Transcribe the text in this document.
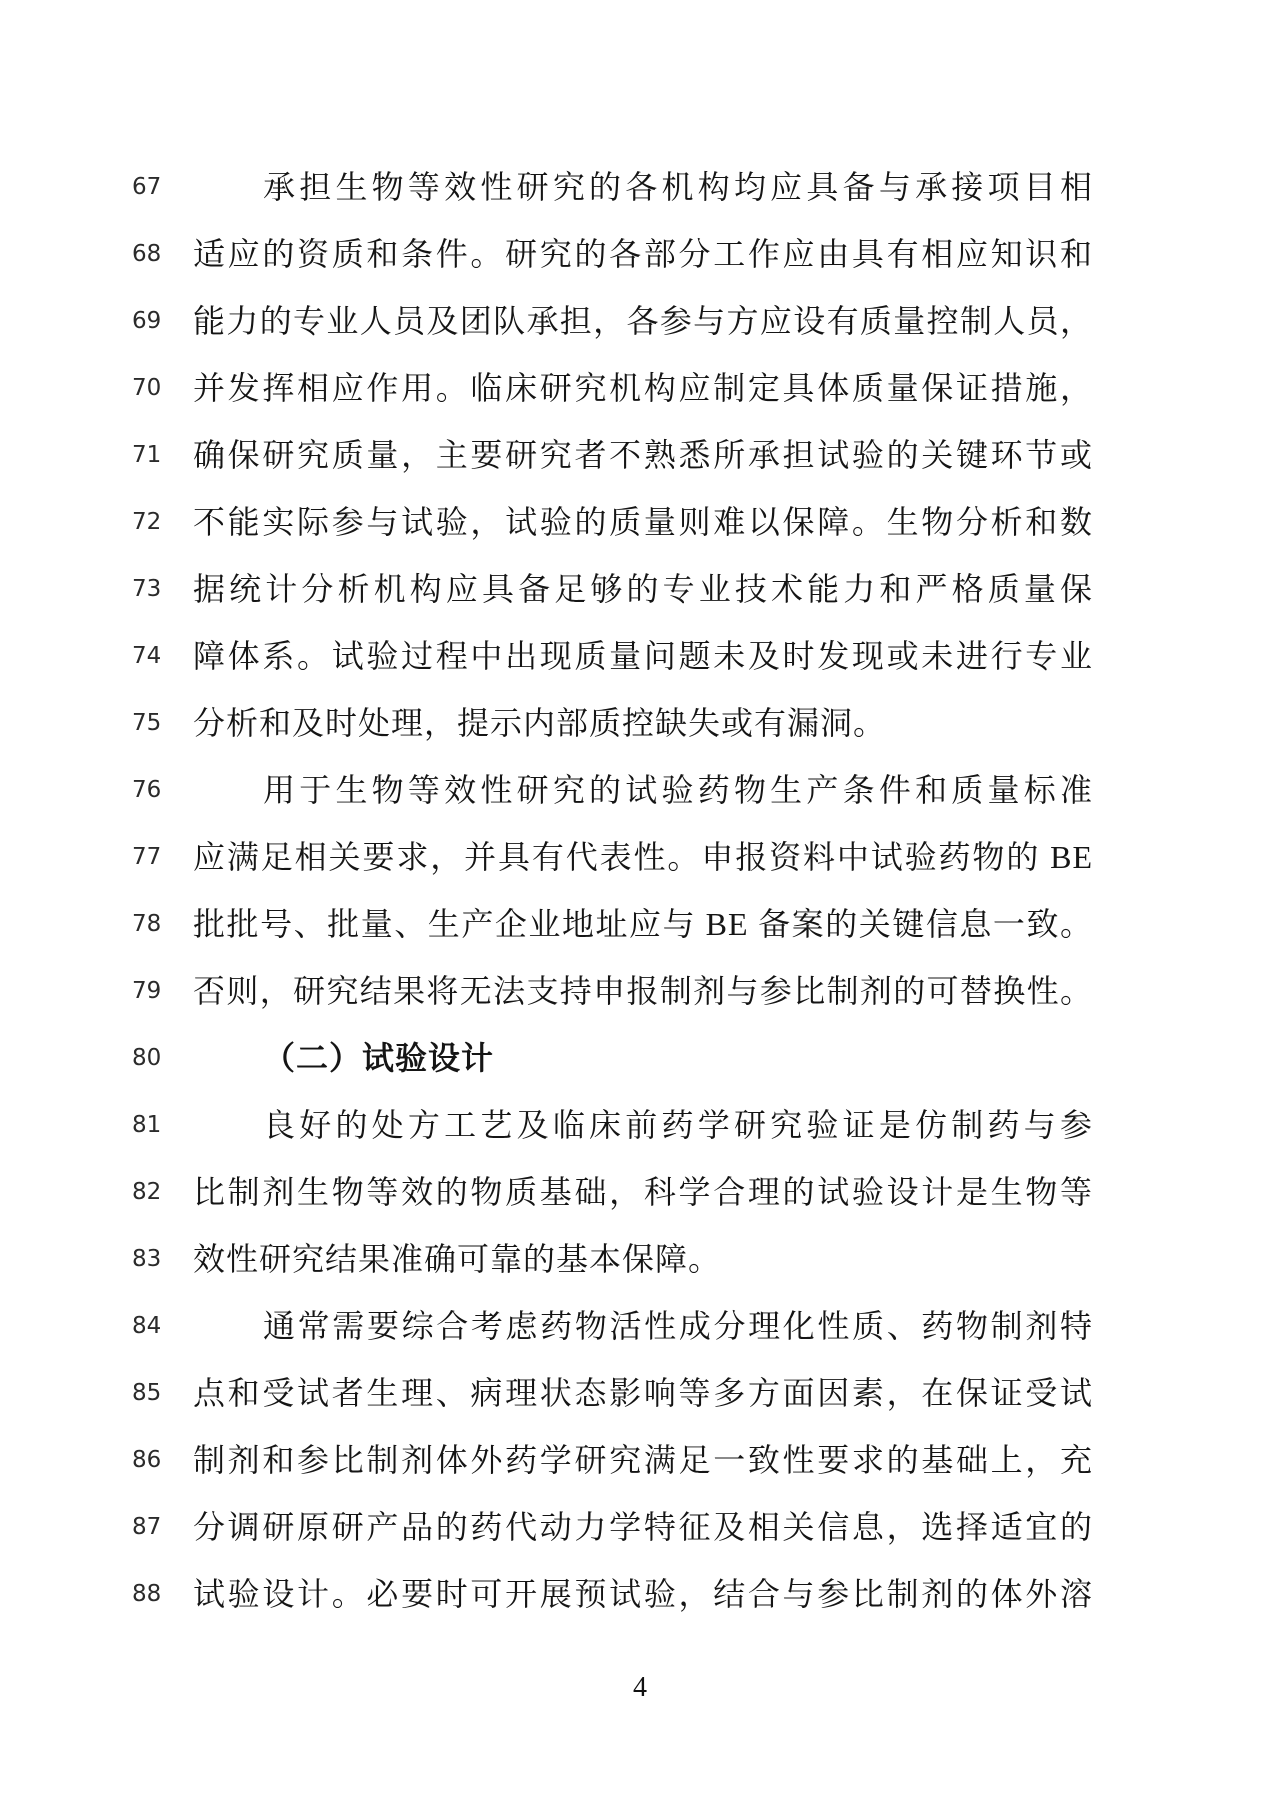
67	承担生物等效性研究的各机构均应具备与承接项目相
68 适应的资质和条件。研究的各部分工作应由具有相应知识和
69 能力的专业人员及团队承担，各参与方应设有质量控制人员，
70 并发挥相应作用。临床研究机构应制定具体质量保证措施，
71 确保研究质量，主要研究者不熟悉所承担试验的关键环节或
72 不能实际参与试验，试验的质量则难以保障。生物分析和数
73 据统计分析机构应具备足够的专业技术能力和严格质量保
74 障体系。试验过程中出现质量问题未及时发现或未进行专业
75 分析和及时处理，提示内部质控缺失或有漏洞。
76	用于生物等效性研究的试验药物生产条件和质量标准
77 应满足相关要求，并具有代表性。申报资料中试验药物的 BE
78 批批号、批量、生产企业地址应与 BE 备案的关键信息一致。
79 否则，研究结果将无法支持申报制剂与参比制剂的可替换性。
80	（二）试验设计
81	良好的处方工艺及临床前药学研究验证是仿制药与参
82 比制剂生物等效的物质基础，科学合理的试验设计是生物等
83 效性研究结果准确可靠的基本保障。
84	通常需要综合考虑药物活性成分理化性质、药物制剂特
85 点和受试者生理、病理状态影响等多方面因素，在保证受试
86 制剂和参比制剂体外药学研究满足一致性要求的基础上，充
87 分调研原研产品的药代动力学特征及相关信息，选择适宜的
88 试验设计。必要时可开展预试验，结合与参比制剂的体外溶
4
